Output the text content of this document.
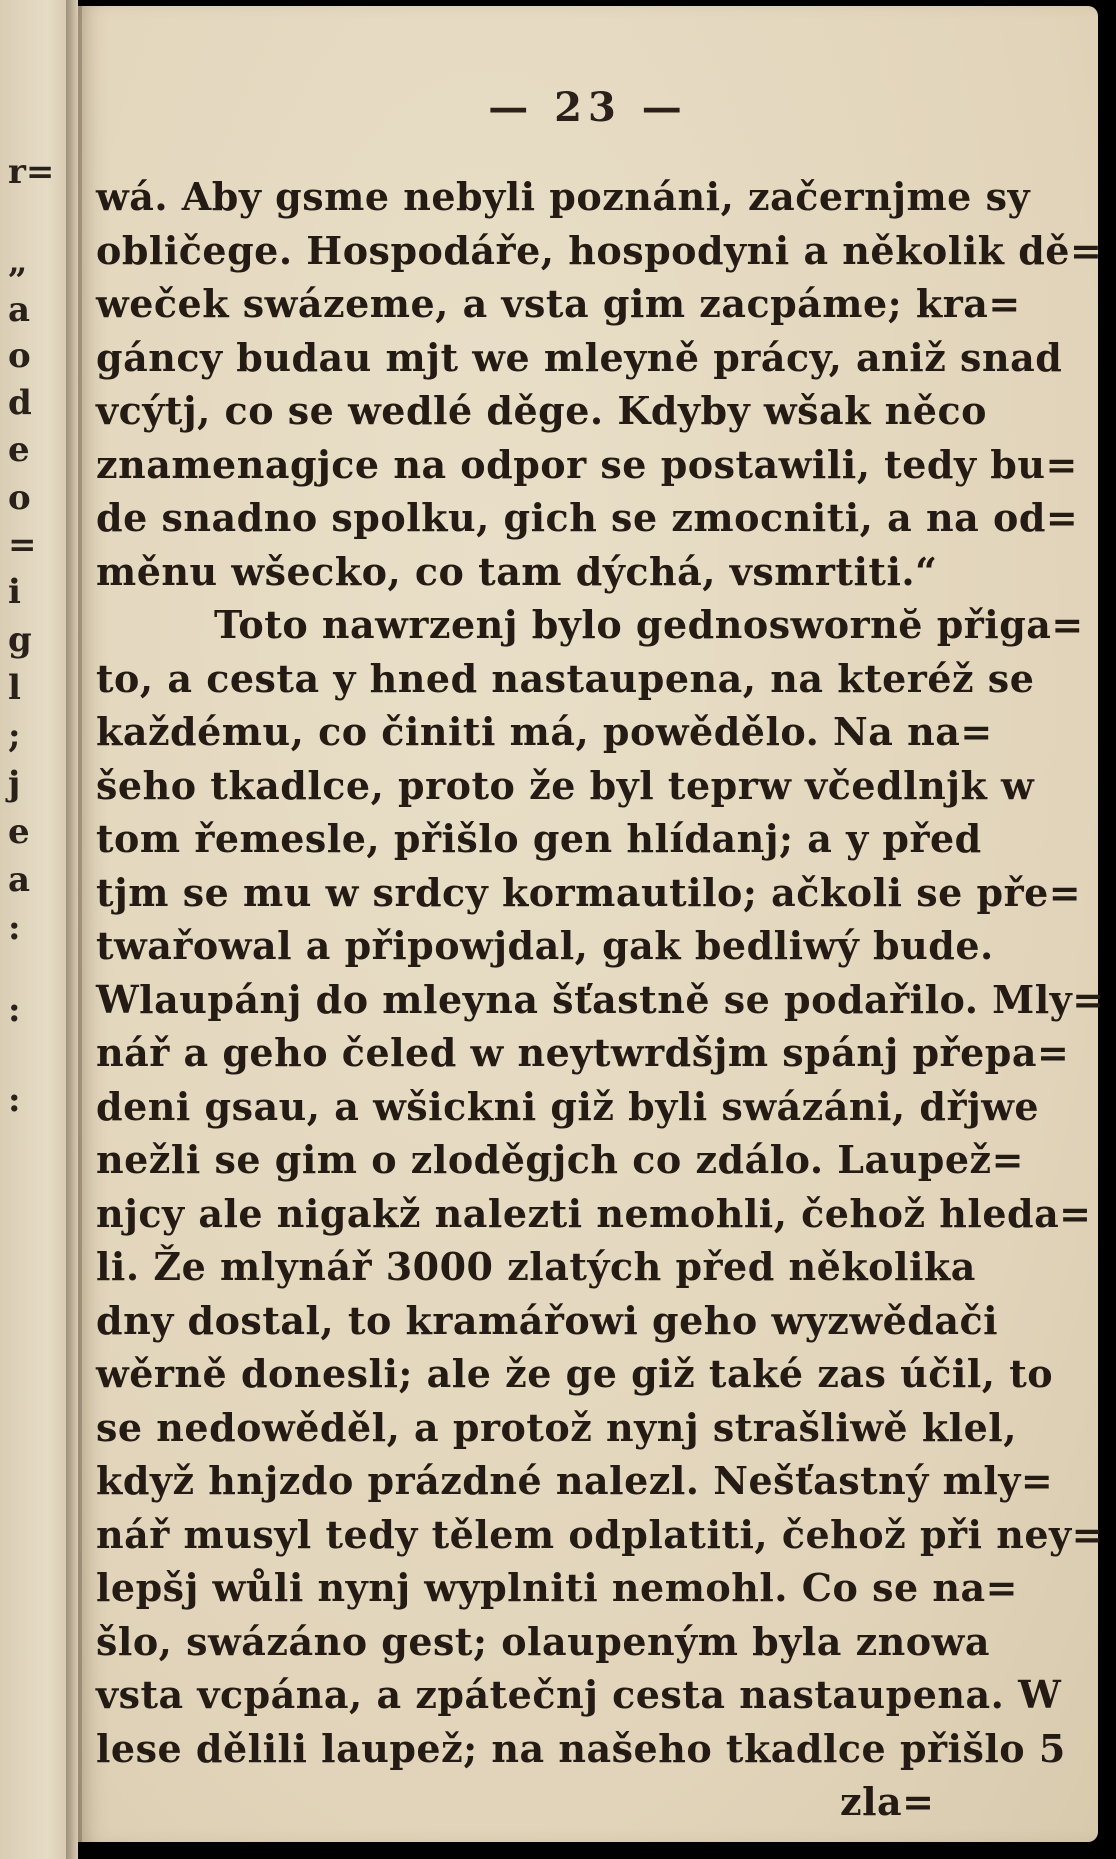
r=
„
a
o
d
e
o
=
i
g
l
;
j
e
a
:
:
:
— 23 —
wá. Aby gsme nebyli poznáni, začernjme sy
obličege. Hospodáře, hospodyni a několik dě=
weček swázeme, a vsta gim zacpáme; kra=
gáncy budau mjt we mleyně prácy, aniž snad
vcýtj, co se wedlé děge. Kdyby wšak něco
znamenagjce na odpor se postawili, tedy bu=
de snadno spolku, gich se zmocniti, a na od=
měnu wšecko, co tam dýchá, vsmrtiti.“
Toto nawrzenj bylo gednoswornĕ přiga=
to, a cesta y hned nastaupena, na kteréž se
každému, co činiti má, powědělo. Na na=
šeho tkadlce, proto že byl teprw včedlnjk w
tom řemesle, přišlo gen hlídanj; a y před
tjm se mu w srdcy kormautilo; ačkoli se pře=
twařowal a připowjdal, gak bedliwý bude.
Wlaupánj do mleyna šťastně se podařilo. Mly=
nář a geho čeled w neytwrdšjm spánj přepa=
deni gsau, a wšickni giž byli swázáni, dřjwe
nežli se gim o zloděgjch co zdálo. Laupež=
njcy ale nigakž nalezti nemohli, čehož hleda=
li. Že mlynář 3000 zlatých před několika
dny dostal, to kramářowi geho wyzwědači
wěrně donesli; ale že ge giž také zas účil, to
se nedowěděl, a protož nynj strašliwě klel,
když hnjzdo prázdné nalezl. Nešťastný mly=
nář musyl tedy tělem odplatiti, čehož při ney=
lepšj wůli nynj wyplniti nemohl. Co se na=
šlo, swázáno gest; olaupeným byla znowa
vsta vcpána, a zpátečnj cesta nastaupena. W
lese dělili laupež; na našeho tkadlce přišlo 5
zla=
